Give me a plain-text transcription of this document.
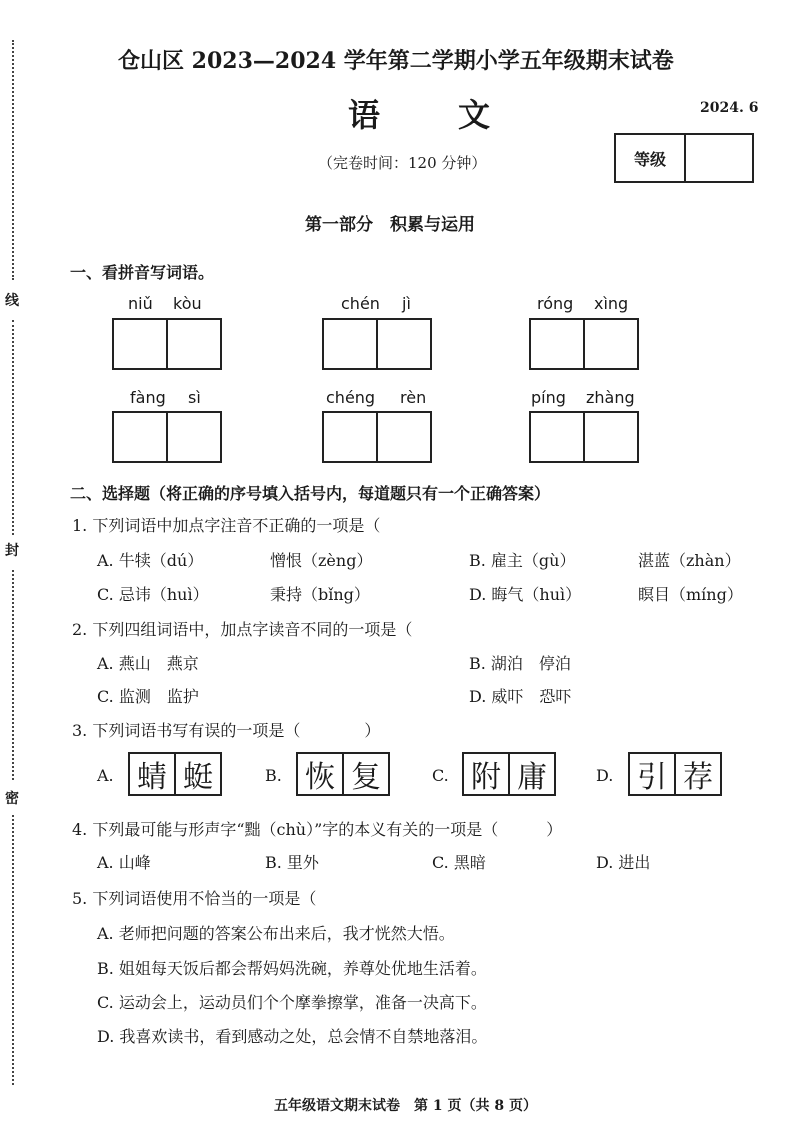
线
封
密
仓山区 2023—2024 学年第二学期小学五年级期末试卷
语文	2024. 6
（完卷时间：120 分钟）	等级
第一部分　积累与运用
一、看拼音写词语。
niǔ kòu	chén jì	róng xìng
fàng sì	chéng rèn	píng zhàng
二、选择题（将正确的序号填入括号内，每道题只有一个正确答案）
1. 下列词语中加点字注音不正确的一项是（
A. 牛犊（dú）	憎恨（zèng）	B. 雇主（gù）	湛蓝（zhàn）
C. 忌讳（huì）	秉持（bǐng）	D. 晦气（huì）	瞑目（míng）
2. 下列四组词语中，加点字读音不同的一项是（
A. 燕山　燕京	B. 湖泊　停泊
C. 监测　监护	D. 威吓　恐吓
3. 下列词语书写有误的一项是（　　　　）
A. 蜻 蜓	B. 恢 复	C. 附 庸	D. 引 荐
4. 下列最可能与形声字“黜（chù）”字的本义有关的一项是（　　　）
A. 山峰	B. 里外	C. 黑暗	D. 进出
5. 下列词语使用不恰当的一项是（
A. 老师把问题的答案公布出来后，我才恍然大悟。
B. 姐姐每天饭后都会帮妈妈洗碗，养尊处优地生活着。
C. 运动会上，运动员们个个摩拳擦掌，准备一决高下。
D. 我喜欢读书，看到感动之处，总会情不自禁地落泪。
五年级语文期末试卷　第 1 页（共 8 页）
